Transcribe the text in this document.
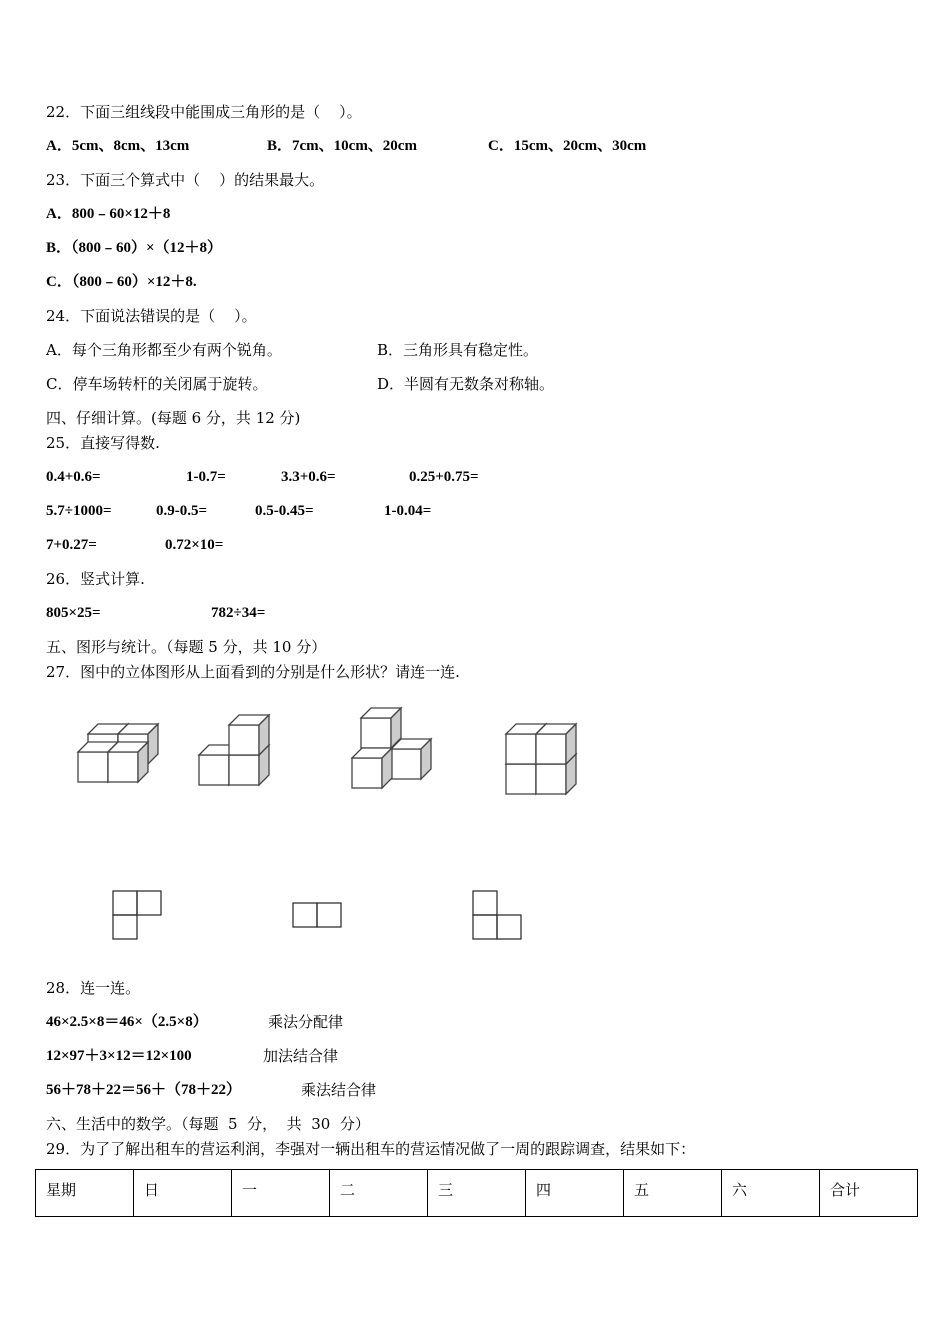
22．下面三组线段中能围成三角形的是（    ）。
A．5cm、8cm、13cm	B．7cm、10cm、20cm	C．15cm、20cm、30cm
23．下面三个算式中（    ）的结果最大。
A．800﹣60×12＋8
B．（800﹣60）×（12＋8）
C．（800﹣60）×12＋8.
24．下面说法错误的是（    ）。
A．每个三角形都至少有两个锐角。	B．三角形具有稳定性。
C．停车场转杆的关闭属于旋转。	D．半圆有无数条对称轴。
四、仔细计算。(每题 6 分，共 12 分)
25．直接写得数.
0.4+0.6=	1-0.7=	3.3+0.6=	0.25+0.75=
5.7÷1000=	0.9-0.5=	0.5-0.45=	1-0.04=
7+0.27=	0.72×10=
26．竖式计算.
805×25=	782÷34=
五、图形与统计。（每题 5 分，共 10 分）
27．图中的立体图形从上面看到的分别是什么形状？请连一连.
28．连一连。
46×2.5×8＝46×（2.5×8）	乘法分配律
12×97＋3×12＝12×100	加法结合律
56＋78＋22＝56＋（78＋22）	乘法结合律
六、生活中的数学。（每题  5  分，  共  30  分）
29．为了了解出租车的营运利润，李强对一辆出租车的营运情况做了一周的跟踪调查，结果如下：
星期	日	一	二	三	四	五	六	合计
